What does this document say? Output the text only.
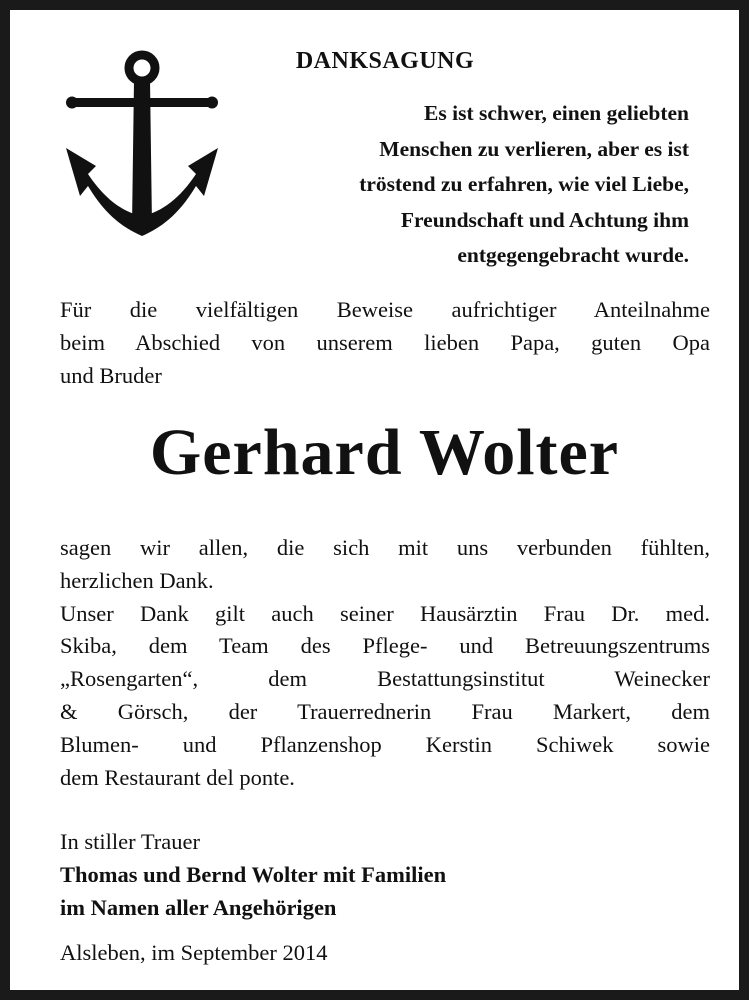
DANKSAGUNG
Es ist schwer, einen geliebten
Menschen zu verlieren, aber es ist
tröstend zu erfahren, wie viel Liebe,
Freundschaft und Achtung ihm
entgegengebracht wurde.
Für die vielfältigen Beweise aufrichtiger Anteilnahme
beim Abschied von unserem lieben Papa, guten Opa
und Bruder
Gerhard Wolter
sagen wir allen, die sich mit uns verbunden fühlten,
herzlichen Dank.
Unser Dank gilt auch seiner Hausärztin Frau Dr. med.
Skiba, dem Team des Pflege- und Betreuungszentrums
„Rosengarten“, dem Bestattungsinstitut Weinecker
& Görsch, der Trauerrednerin Frau Markert, dem
Blumen- und Pflanzenshop Kerstin Schiwek sowie
dem Restaurant del ponte.
In stiller Trauer
Thomas und Bernd Wolter mit Familien
im Namen aller Angehörigen
Alsleben, im September 2014
